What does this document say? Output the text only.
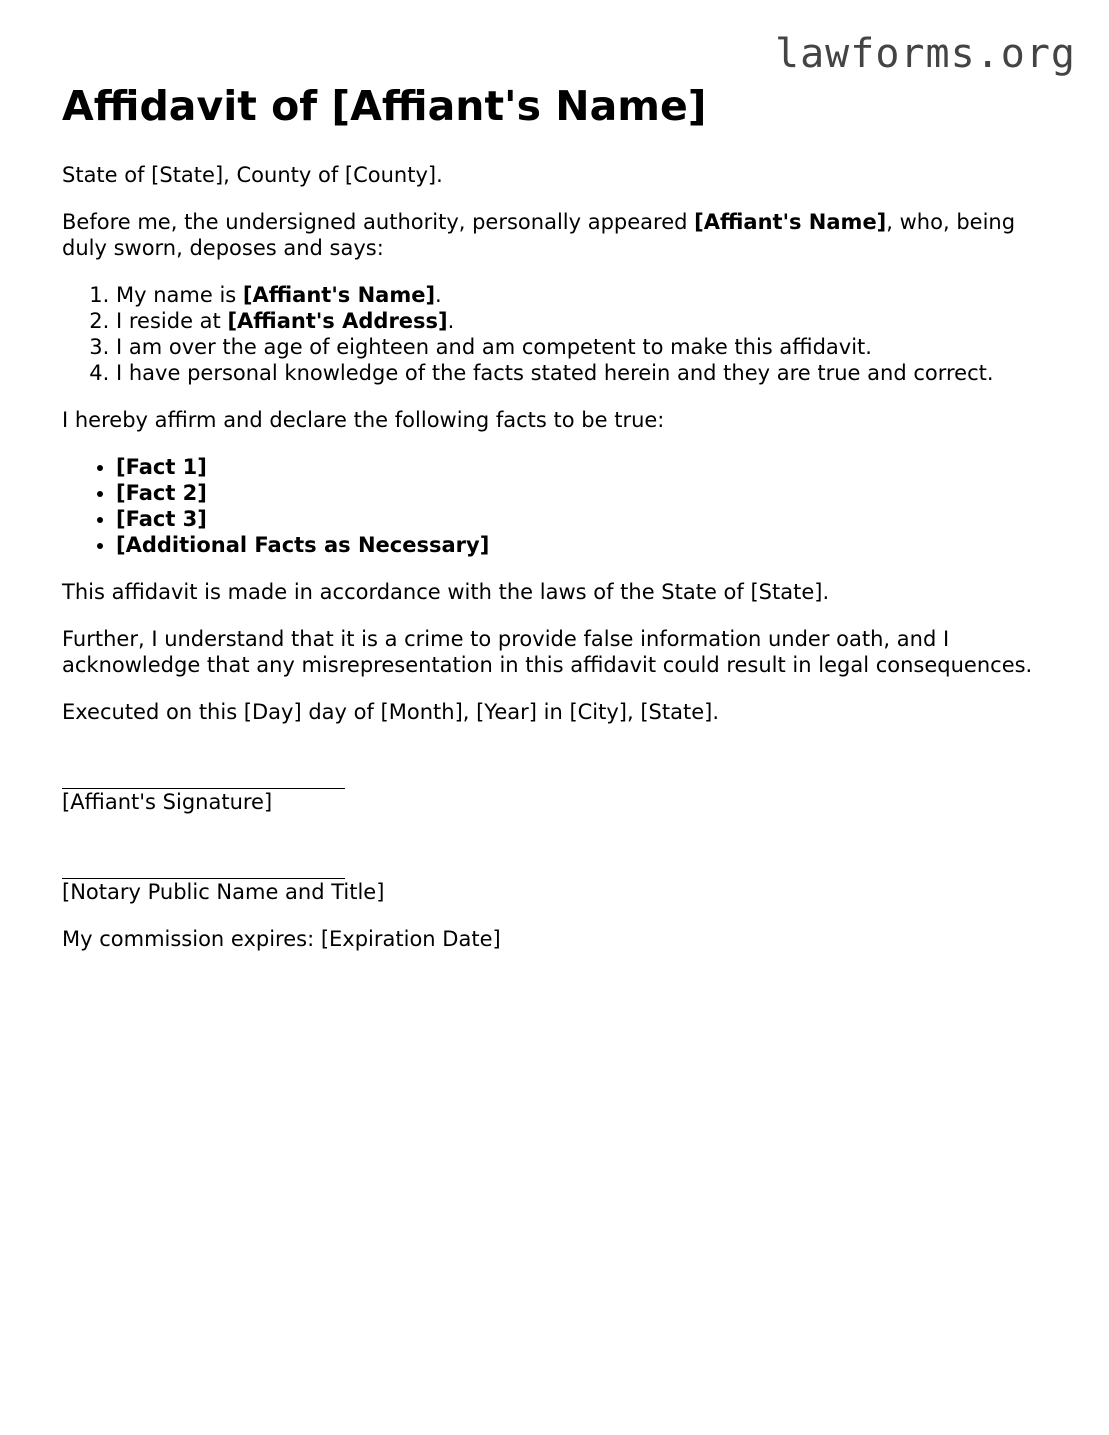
lawforms.org
Affidavit of [Affiant's Name]

State of [State], County of [County].

Before me, the undersigned authority, personally appeared [Affiant's Name], who, being duly sworn, deposes and says:

1. My name is [Affiant's Name].
2. I reside at [Affiant's Address].
3. I am over the age of eighteen and am competent to make this affidavit.
4. I have personal knowledge of the facts stated herein and they are true and correct.

I hereby affirm and declare the following facts to be true:

• [Fact 1]
• [Fact 2]
• [Fact 3]
• [Additional Facts as Necessary]

This affidavit is made in accordance with the laws of the State of [State].

Further, I understand that it is a crime to provide false information under oath, and I acknowledge that any misrepresentation in this affidavit could result in legal consequences.

Executed on this [Day] day of [Month], [Year] in [City], [State].

[Affiant's Signature]
[Notary Public Name and Title]

My commission expires: [Expiration Date]
